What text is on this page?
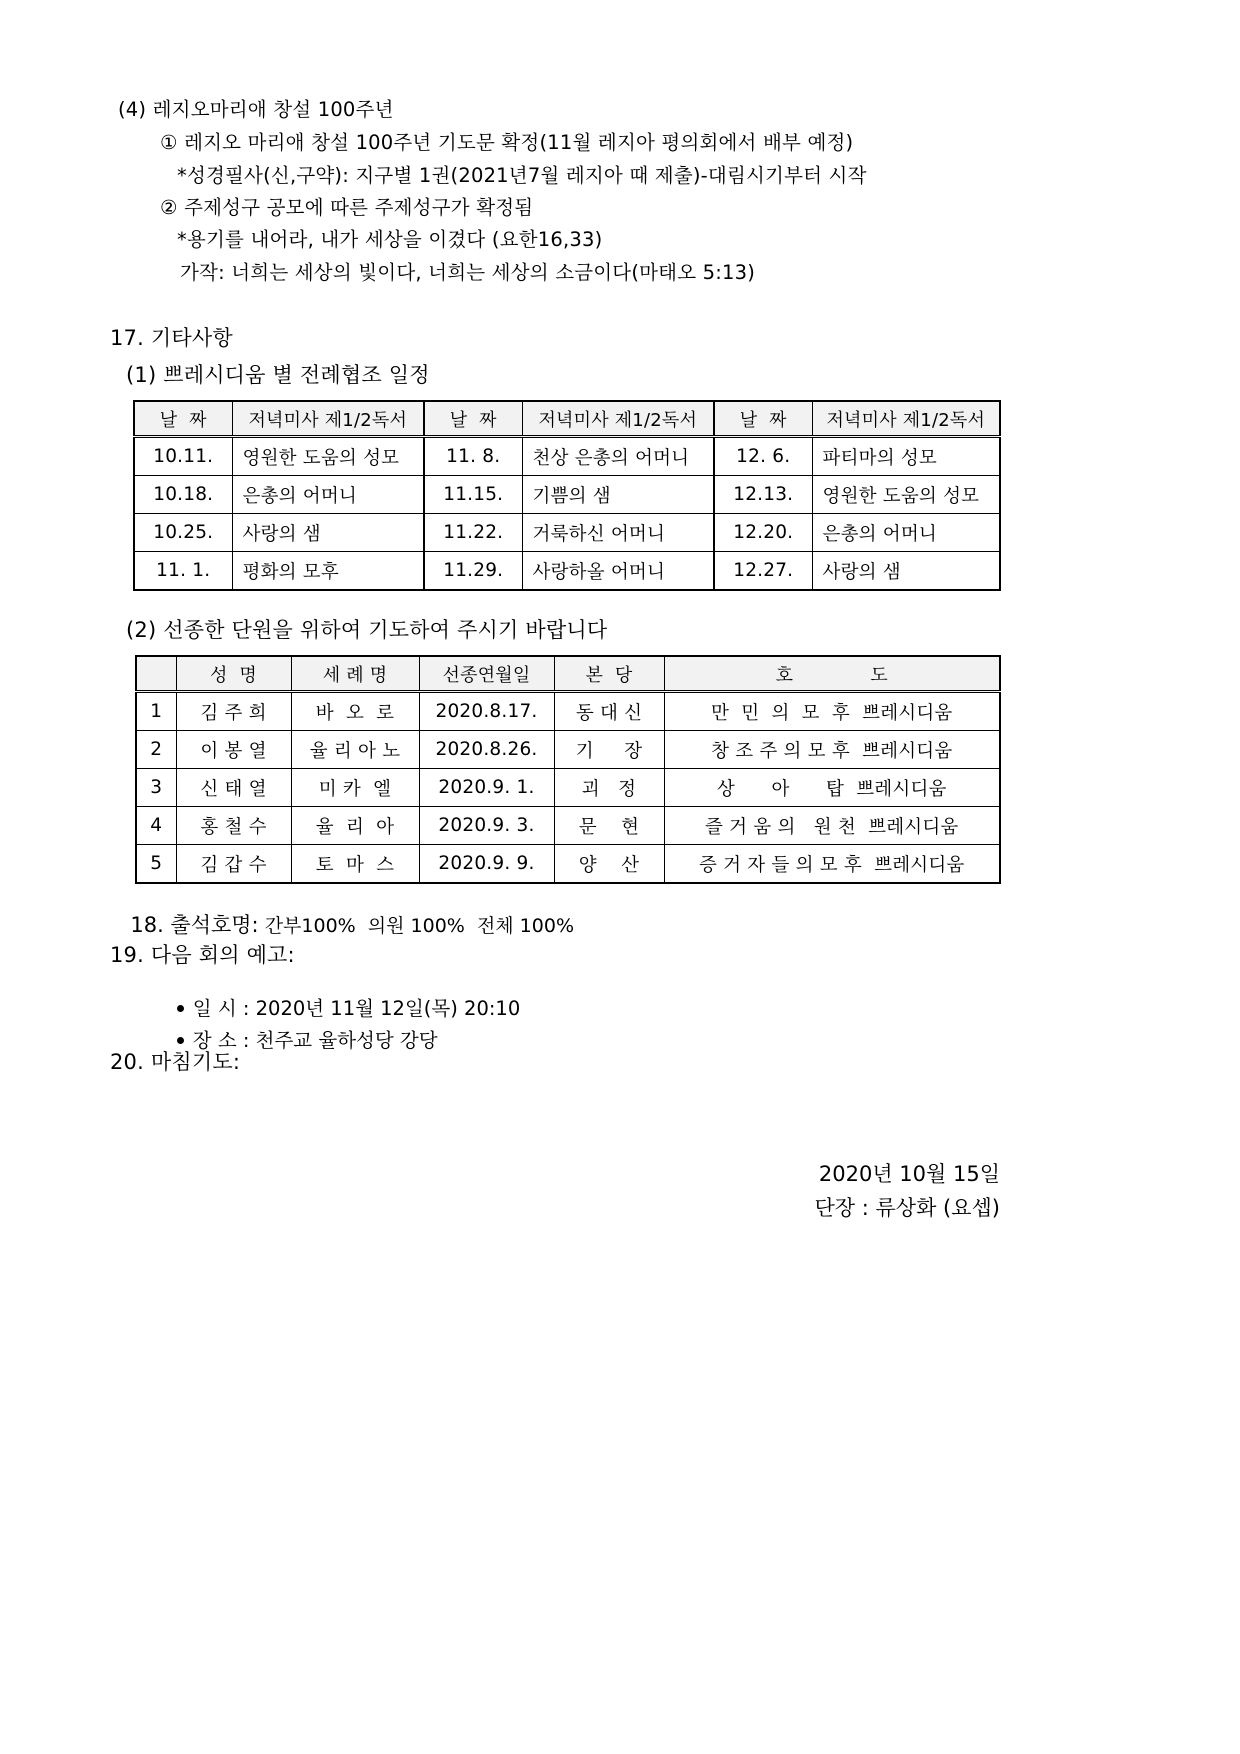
(4) 레지오마리애 창설 100주년
① 레지오 마리애 창설 100주년 기도문 확정(11월 레지아 평의회에서 배부 예정)
*성경필사(신,구약): 지구별 1권(2021년7월 레지아 때 제출)-대림시기부터 시작
② 주제성구 공모에 따른 주제성구가 확정됨
*용기를 내어라, 내가 세상을 이겼다 (요한16,33)
가작: 너희는 세상의 빛이다, 너희는 세상의 소금이다(마태오 5:13)
17. 기타사항
(1) 쁘레시디움 별 전례협조 일정
날  짜	저녁미사 제1/2독서	날  짜	저녁미사 제1/2독서	날  짜	저녁미사 제1/2독서
10.11.	영원한 도움의 성모	11. 8.	천상 은총의 어머니	12. 6.	파티마의 성모
10.18.	은총의 어머니	11.15.	기쁨의 샘	12.13.	영원한 도움의 성모
10.25.	사랑의 샘	11.22.	거룩하신 어머니	12.20.	은총의 어머니
11. 1.	평화의 모후	11.29.	사랑하올 어머니	12.27.	사랑의 샘
(2) 선종한 단원을 위하여 기도하여 주시기 바랍니다
	성  명	세 례 명	선종연월일	본  당	호             도
1	김 주 희	바  오  로	2020.8.17.	동 대 신	만  민  의  모  후  쁘레시디움
2	이 봉 열	율 리 아 노	2020.8.26.	기     장	창 조 주 의 모 후  쁘레시디움
3	신 태 열	미 카  엘	2020.9. 1.	괴   정	상      아      탑  쁘레시디움
4	홍 철 수	율  리  아	2020.9. 3.	문    현	즐 거 움 의   원 천  쁘레시디움
5	김 갑 수	토  마  스	2020.9. 9.	양    산	증 거 자 들 의 모 후  쁘레시디움

18. 출석호명: 간부100%  의원 100%  전체 100%

19. 다음 회의 예고:

일 시 : 2020년 11월 12일(목) 20:10

장 소 : 천주교 율하성당 강당

20. 마침기도:
2020년 10월 15일
단장 : 류상화 (요셉)
